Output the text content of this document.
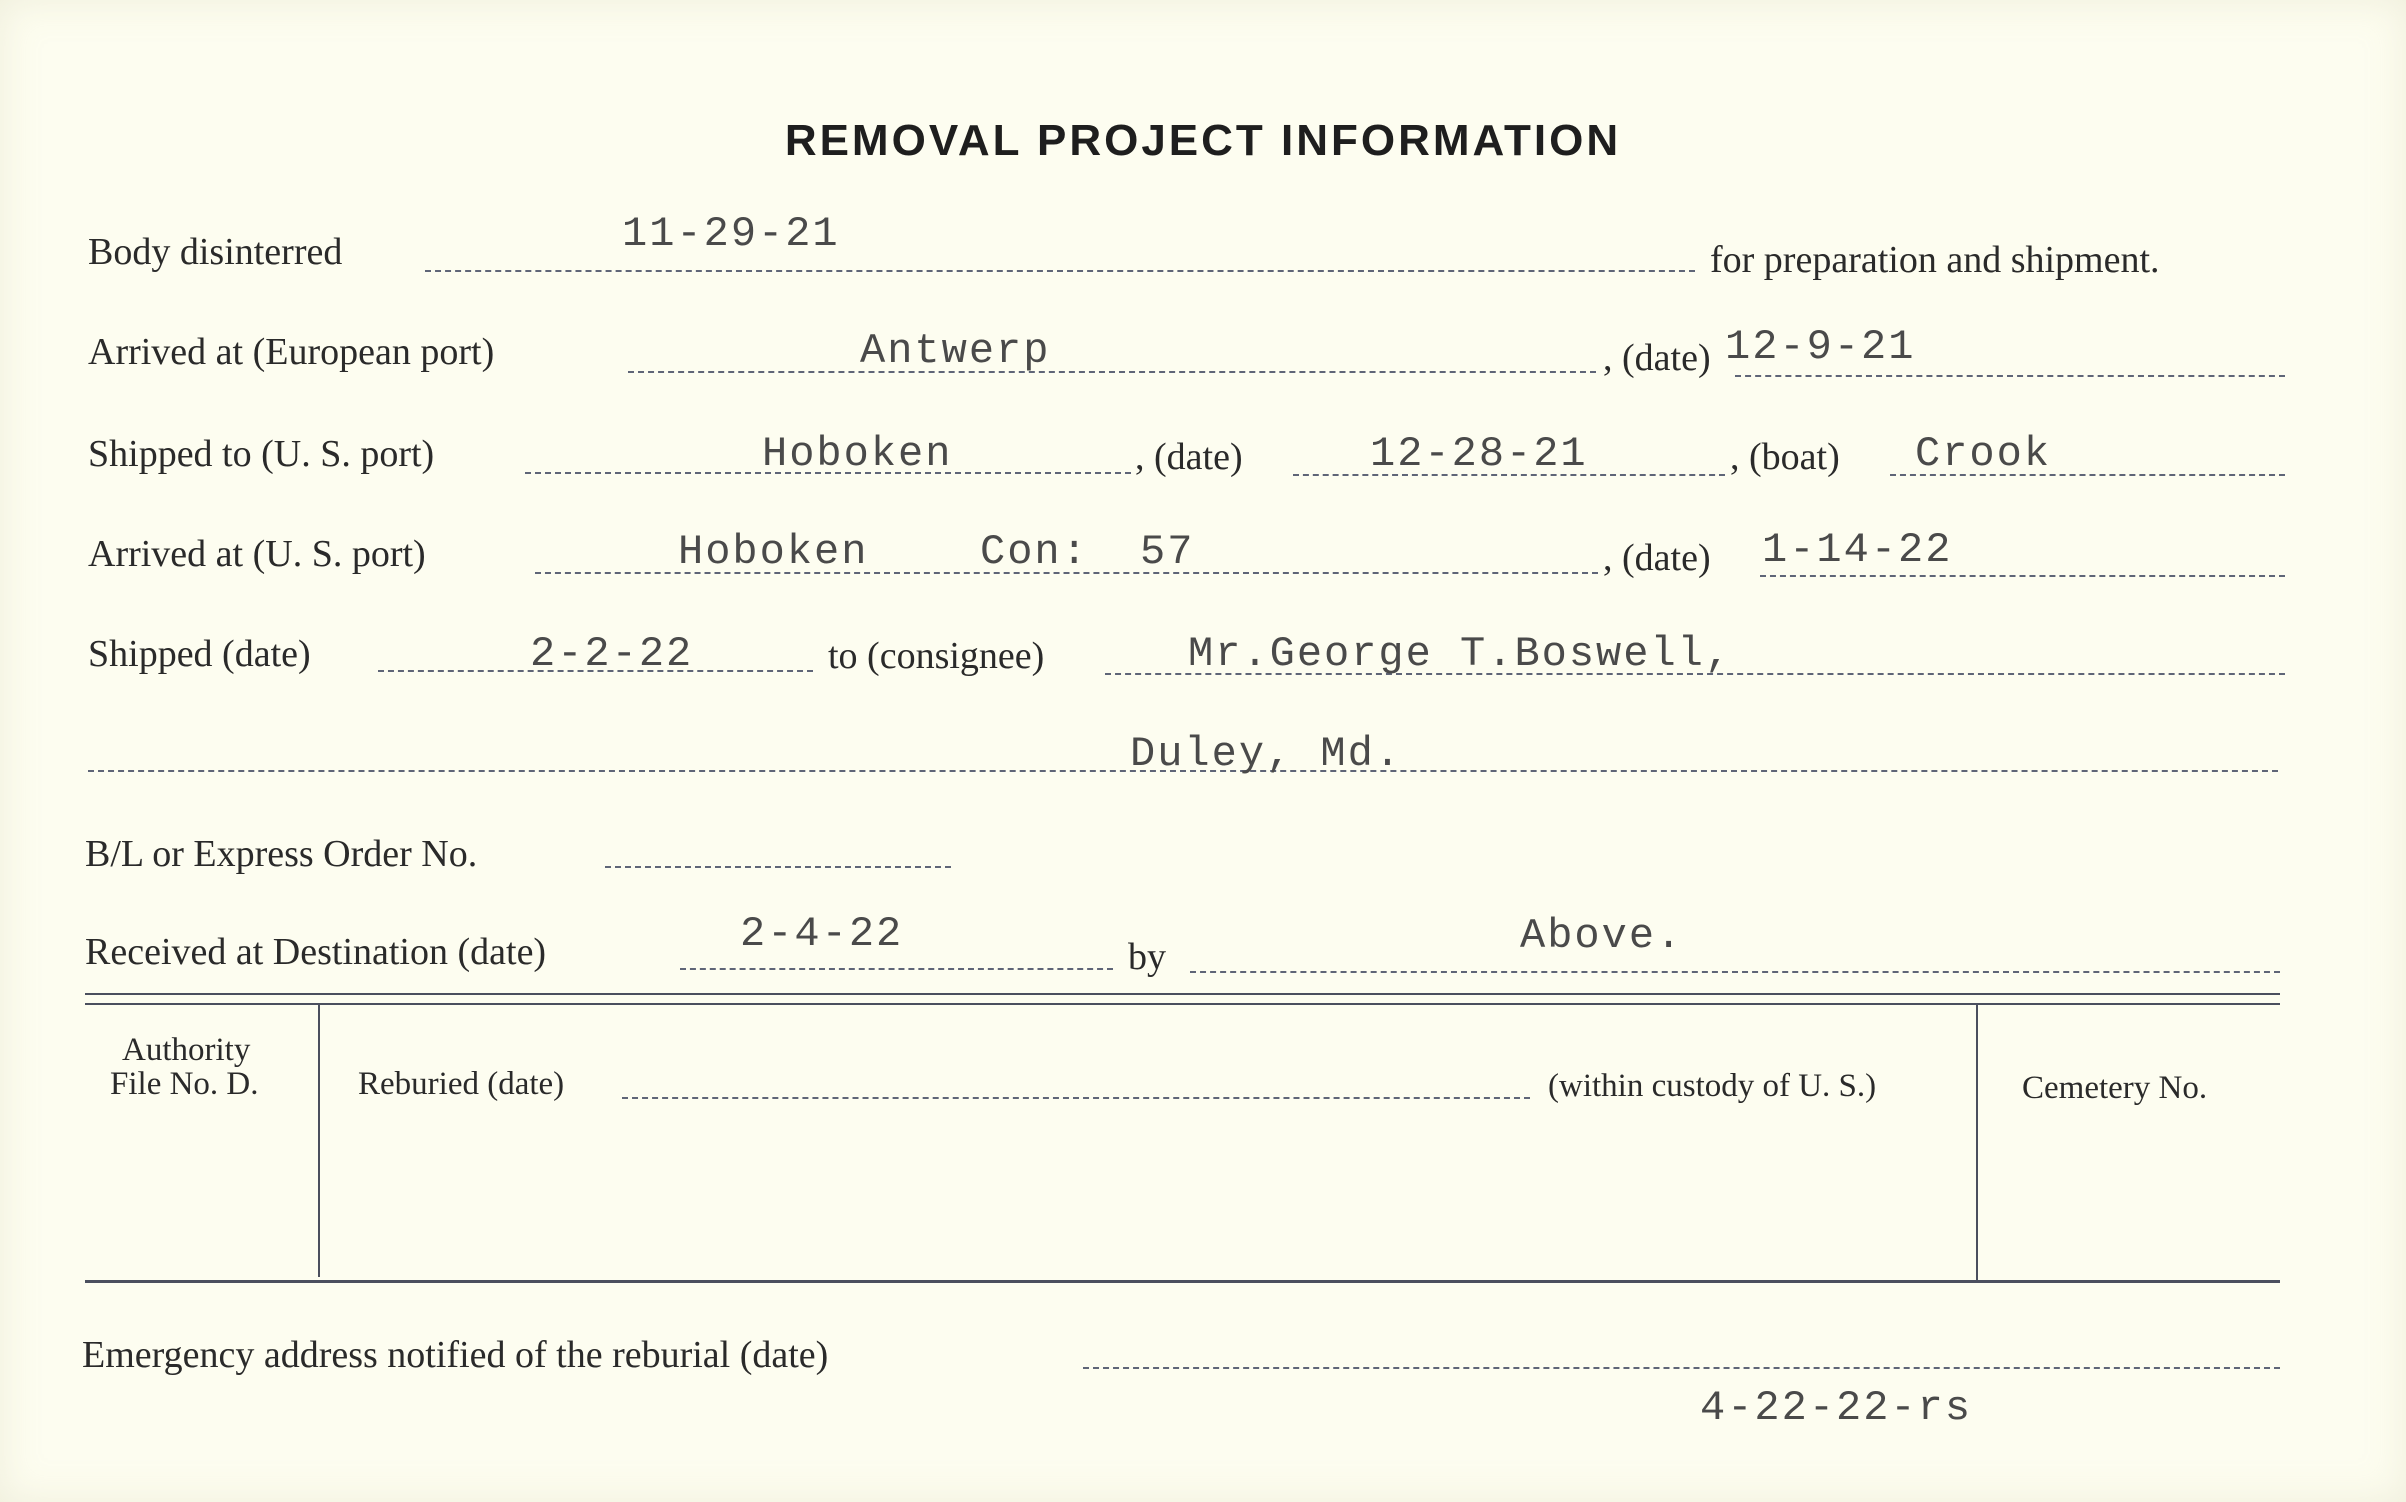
REMOVAL PROJECT INFORMATION
Body disinterred	11-29-21
for preparation and shipment.
Arrived at (European port)	Antwerp	, (date) 12-9-21
Shipped to (U. S. port)	Hoboken	, (date)	12-28-21	, (boat) Crook
Arrived at (U. S. port)	Hoboken	Con: 57	, (date) 1-14-22
Shipped (date)	2-2-22	to (consignee)	Mr.George T.Boswell,
Duley, Md.
B/L or Express Order No.
Received at Destination (date)	2-4-22	by	Above.
Authority
File No. D.	Reburied (date)	(within custody of U. S.)	Cemetery No.
Emergency address notified of the reburial (date)
4-22-22-rs
